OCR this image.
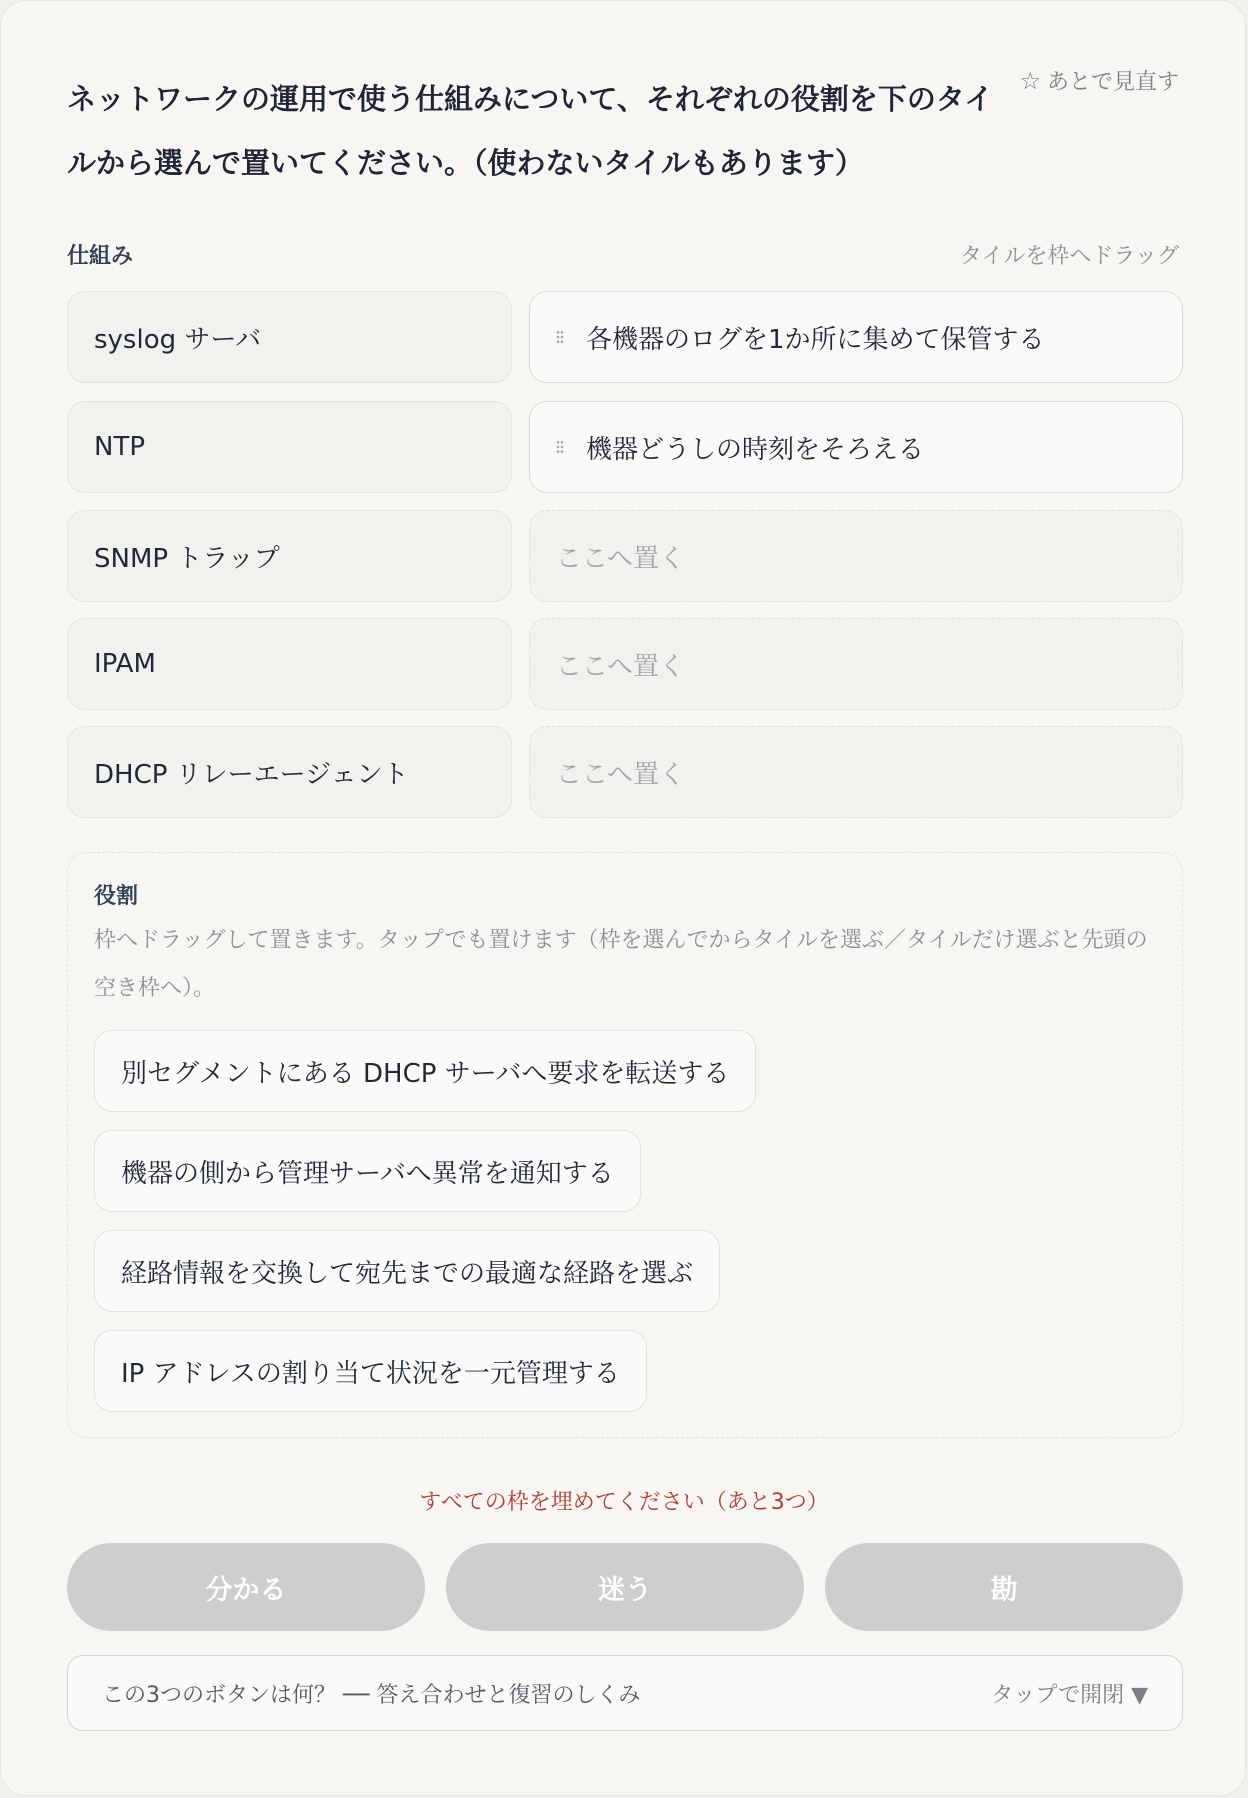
☆ あとで見直す

ネットワークの運用で使う仕組みについて、それぞれの役割を下のタイルから選んで置いてください。（使わないタイルもあります）

仕組み	タイルを枠へドラッグ
syslog サーバ	各機器のログを1か所に集めて保管する
NTP	機器どうしの時刻をそろえる
SNMP トラップ	ここへ置く
IPAM	ここへ置く
DHCP リレーエージェント	ここへ置く
役割

枠へドラッグして置きます。タップでも置けます（枠を選んでからタイルを選ぶ／タイルだけ選ぶと先頭の空き枠へ）。

別セグメントにある DHCP サーバへ要求を転送する
機器の側から管理サーバへ異常を通知する
経路情報を交換して宛先までの最適な経路を選ぶ
IP アドレスの割り当て状況を一元管理する
すべての枠を埋めてください（あと3つ）
分かる	迷う	勘
この3つのボタンは何？ ── 答え合わせと復習のしくみ	タップで開閉 ▼
